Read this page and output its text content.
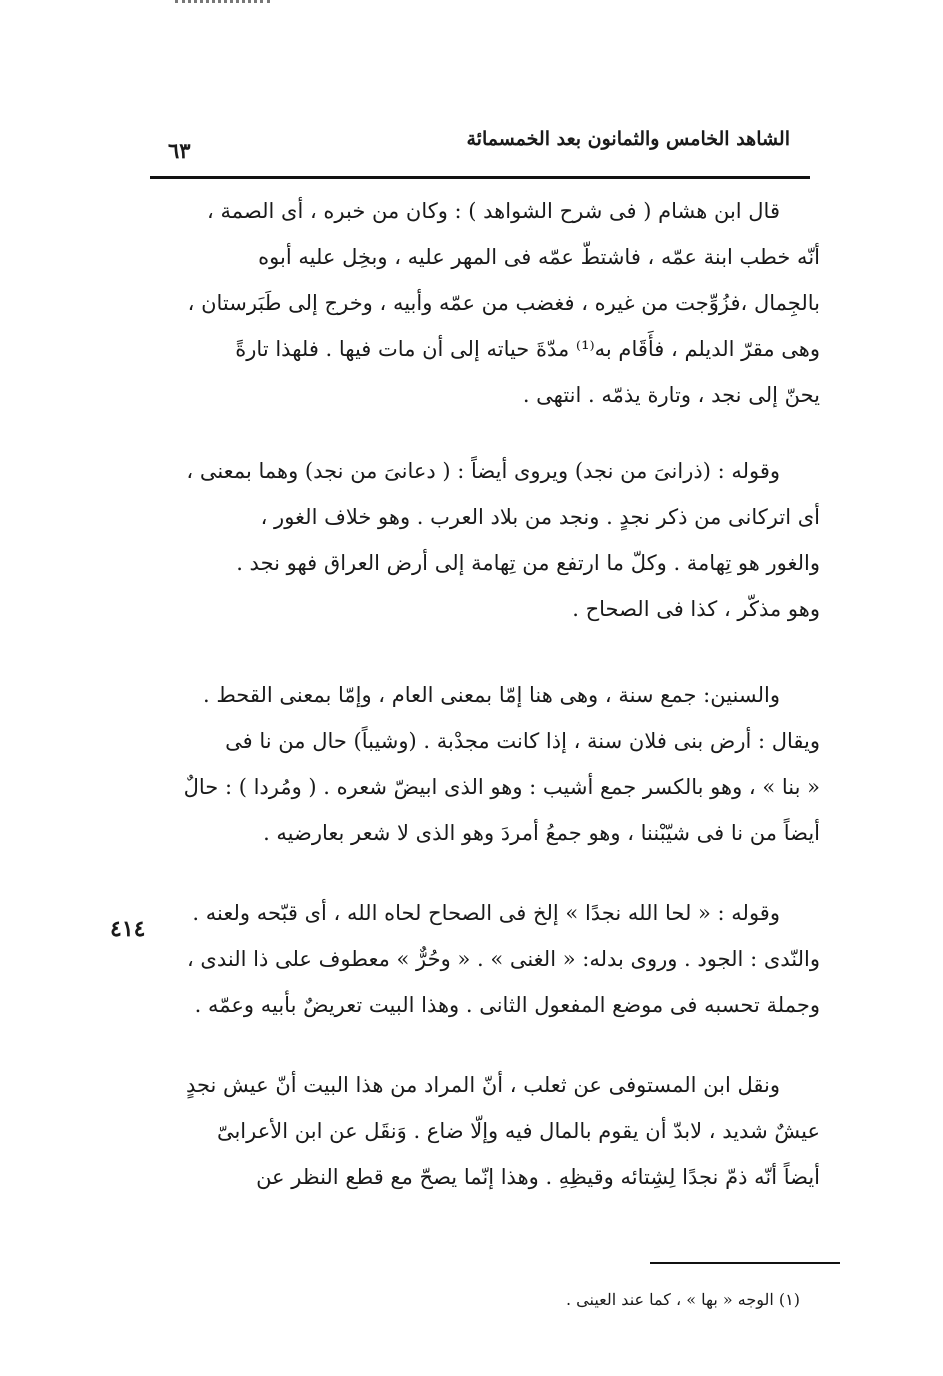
الشاهد الخامس والثمانون بعد الخمسمائة
٦٣

قال ابن هشام ( فى شرح الشواهد ) : وكان من خبره ، أى الصمة ،
أنّه خطب ابنة عمّه ، فاشتطّ عمّه فى المهر عليه ، وبخِل عليه أبوه
بالجِمال ،فزُوِّجت من غيره ، فغضب من عمّه وأبيه ، وخرج إلى طَبَرستان ،
وهى مقرّ الديلم ، فأَقَام به⁽¹⁾ مدّةَ حياته إلى أن مات فيها . فلهذا تارةً
يحنّ إلى نجد ، وتارة يذمّه . انتهى .

وقوله : (ذرانىَ من نجد) ويروى أيضاً : ( دعانىَ من نجد) وهما بمعنى ،
أى اتركانى من ذكر نجدٍ . ونجد من بلاد العرب . وهو خلاف الغور ،
والغور هو تِهامة . وكلّ ما ارتفع من تِهامة إلى أرض العراق فهو نجد .
وهو مذكّر ، كذا فى الصحاح .

والسنين: جمع سنة ، وهى هنا إمّا بمعنى العام ، وإمّا بمعنى القحط .
ويقال : أرض بنى فلان سنة ، إذا كانت مجدْبة . (وشيباً) حال من نا فى
« بنا » ، وهو بالكسر جمع أشيب : وهو الذى ابيضّ شعره . ( ومُردا ) : حالٌ
أيضاً من نا فى شيّبْننا ، وهو جمعُ أمردَ وهو الذى لا شعر بعارضيه .

وقوله : « لحا الله نجدًا » إلخ فى الصحاح لحاه الله ، أى قبّحه ولعنه .
والنّدى : الجود . وروى بدله: « الغنى » . « وحُرٌّ » معطوف على ذا الندى ،
وجملة تحسبه فى موضع المفعول الثانى . وهذا البيت تعريضٌ بأبيه وعمّه .

ونقل ابن المستوفى عن ثعلب ، أنّ المراد من هذا البيت أنّ عيش نجدٍ
عيشٌ شديد ، لابدّ أن يقوم بالمال فيه وإلّا ضاع . وَنقَل عن ابن الأعرابىّ
أيضاً أنّه ذمّ نجدًا لِشِتائه وقيظِهِ . وهذا إنّما يصحّ مع قطع النظر عن

٤١٤
(١) الوجه « بها » ، كما عند العينى .
